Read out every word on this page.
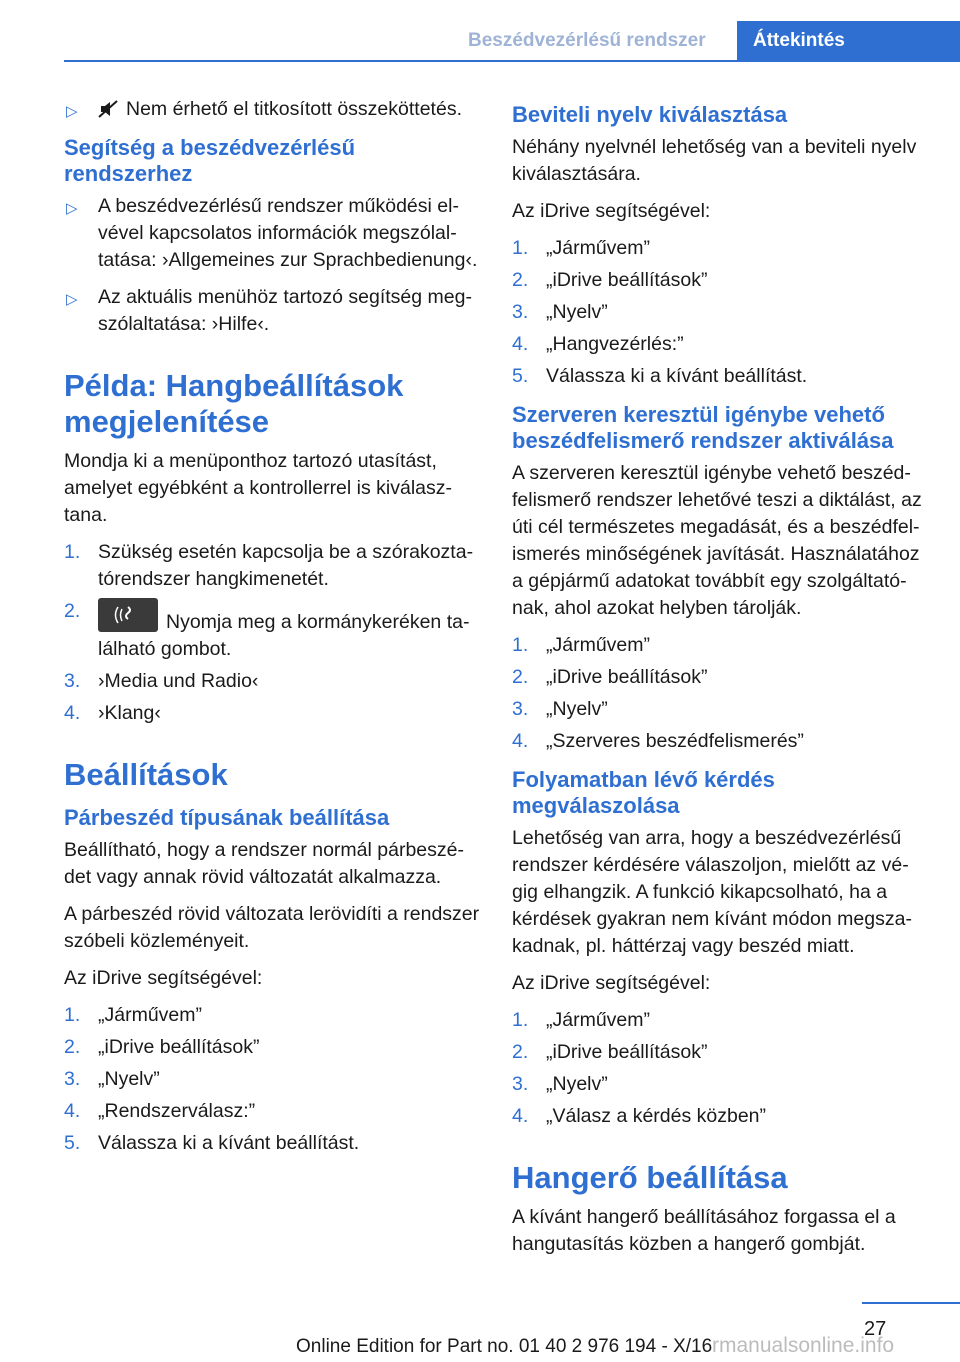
Beszédvezérlésű rendszer	Áttekintés
▷ Nem érhető el titkosított összeköttetés.
Segítség a beszédvezérlésű rendszerhez
▷ A beszédvezérlésű rendszer működési elvével kapcsolatos információk megszólaltatása: ›Allgemeines zur Sprachbedienung‹.
▷ Az aktuális menühöz tartozó segítség megszólaltatása: ›Hilfe‹.
Példa: Hangbeállítások megjelenítése

Mondja ki a menüponthoz tartozó utasítást, amelyet egyébként a kontrollerrel is kiválasztana.

1. Szükség esetén kapcsolja be a szórakoztatórendszer hangkimenetét.
2.	Nyomja meg a kormánykeréken található gombot.
3. ›Media und Radio‹
4. ›Klang‹
Beállítások
Párbeszéd típusának beállítása

Beállítható, hogy a rendszer normál párbeszédet vagy annak rövid változatát alkalmazza.

A párbeszéd rövid változata lerövidíti a rendszer szóbeli közleményeit.

Az iDrive segítségével:

1. „Járművem”
2. „iDrive beállítások”
3. „Nyelv”
4. „Rendszerválasz:”
5. Válassza ki a kívánt beállítást.
Beviteli nyelv kiválasztása

Néhány nyelvnél lehetőség van a beviteli nyelv kiválasztására.

Az iDrive segítségével:

1. „Járművem”
2. „iDrive beállítások”
3. „Nyelv”
4. „Hangvezérlés:”
5. Válassza ki a kívánt beállítást.
Szerveren keresztül igénybe vehető beszédfelismerő rendszer aktiválása

A szerveren keresztül igénybe vehető beszédfelismerő rendszer lehetővé teszi a diktálást, az úti cél természetes megadását, és a beszédfelismerés minőségének javítását. Használatához a gépjármű adatokat továbbít egy szolgáltatónak, ahol azokat helyben tárolják.

1. „Járművem”
2. „iDrive beállítások”
3. „Nyelv”
4. „Szerveres beszédfelismerés”
Folyamatban lévő kérdés megválaszolása

Lehetőség van arra, hogy a beszédvezérlésű rendszer kérdésére válaszoljon, mielőtt az végig elhangzik. A funkció kikapcsolható, ha a kérdések gyakran nem kívánt módon megszakadnak, pl. háttérzaj vagy beszéd miatt.

Az iDrive segítségével:

1. „Járművem”
2. „iDrive beállítások”
3. „Nyelv”
4. „Válasz a kérdés közben”
Hangerő beállítása

A kívánt hangerő beállításához forgassa el a hangutasítás közben a hangerő gombját.

27
Online Edition for Part no. 01 40 2 976 194 - X/16 rmanualsonline.info
